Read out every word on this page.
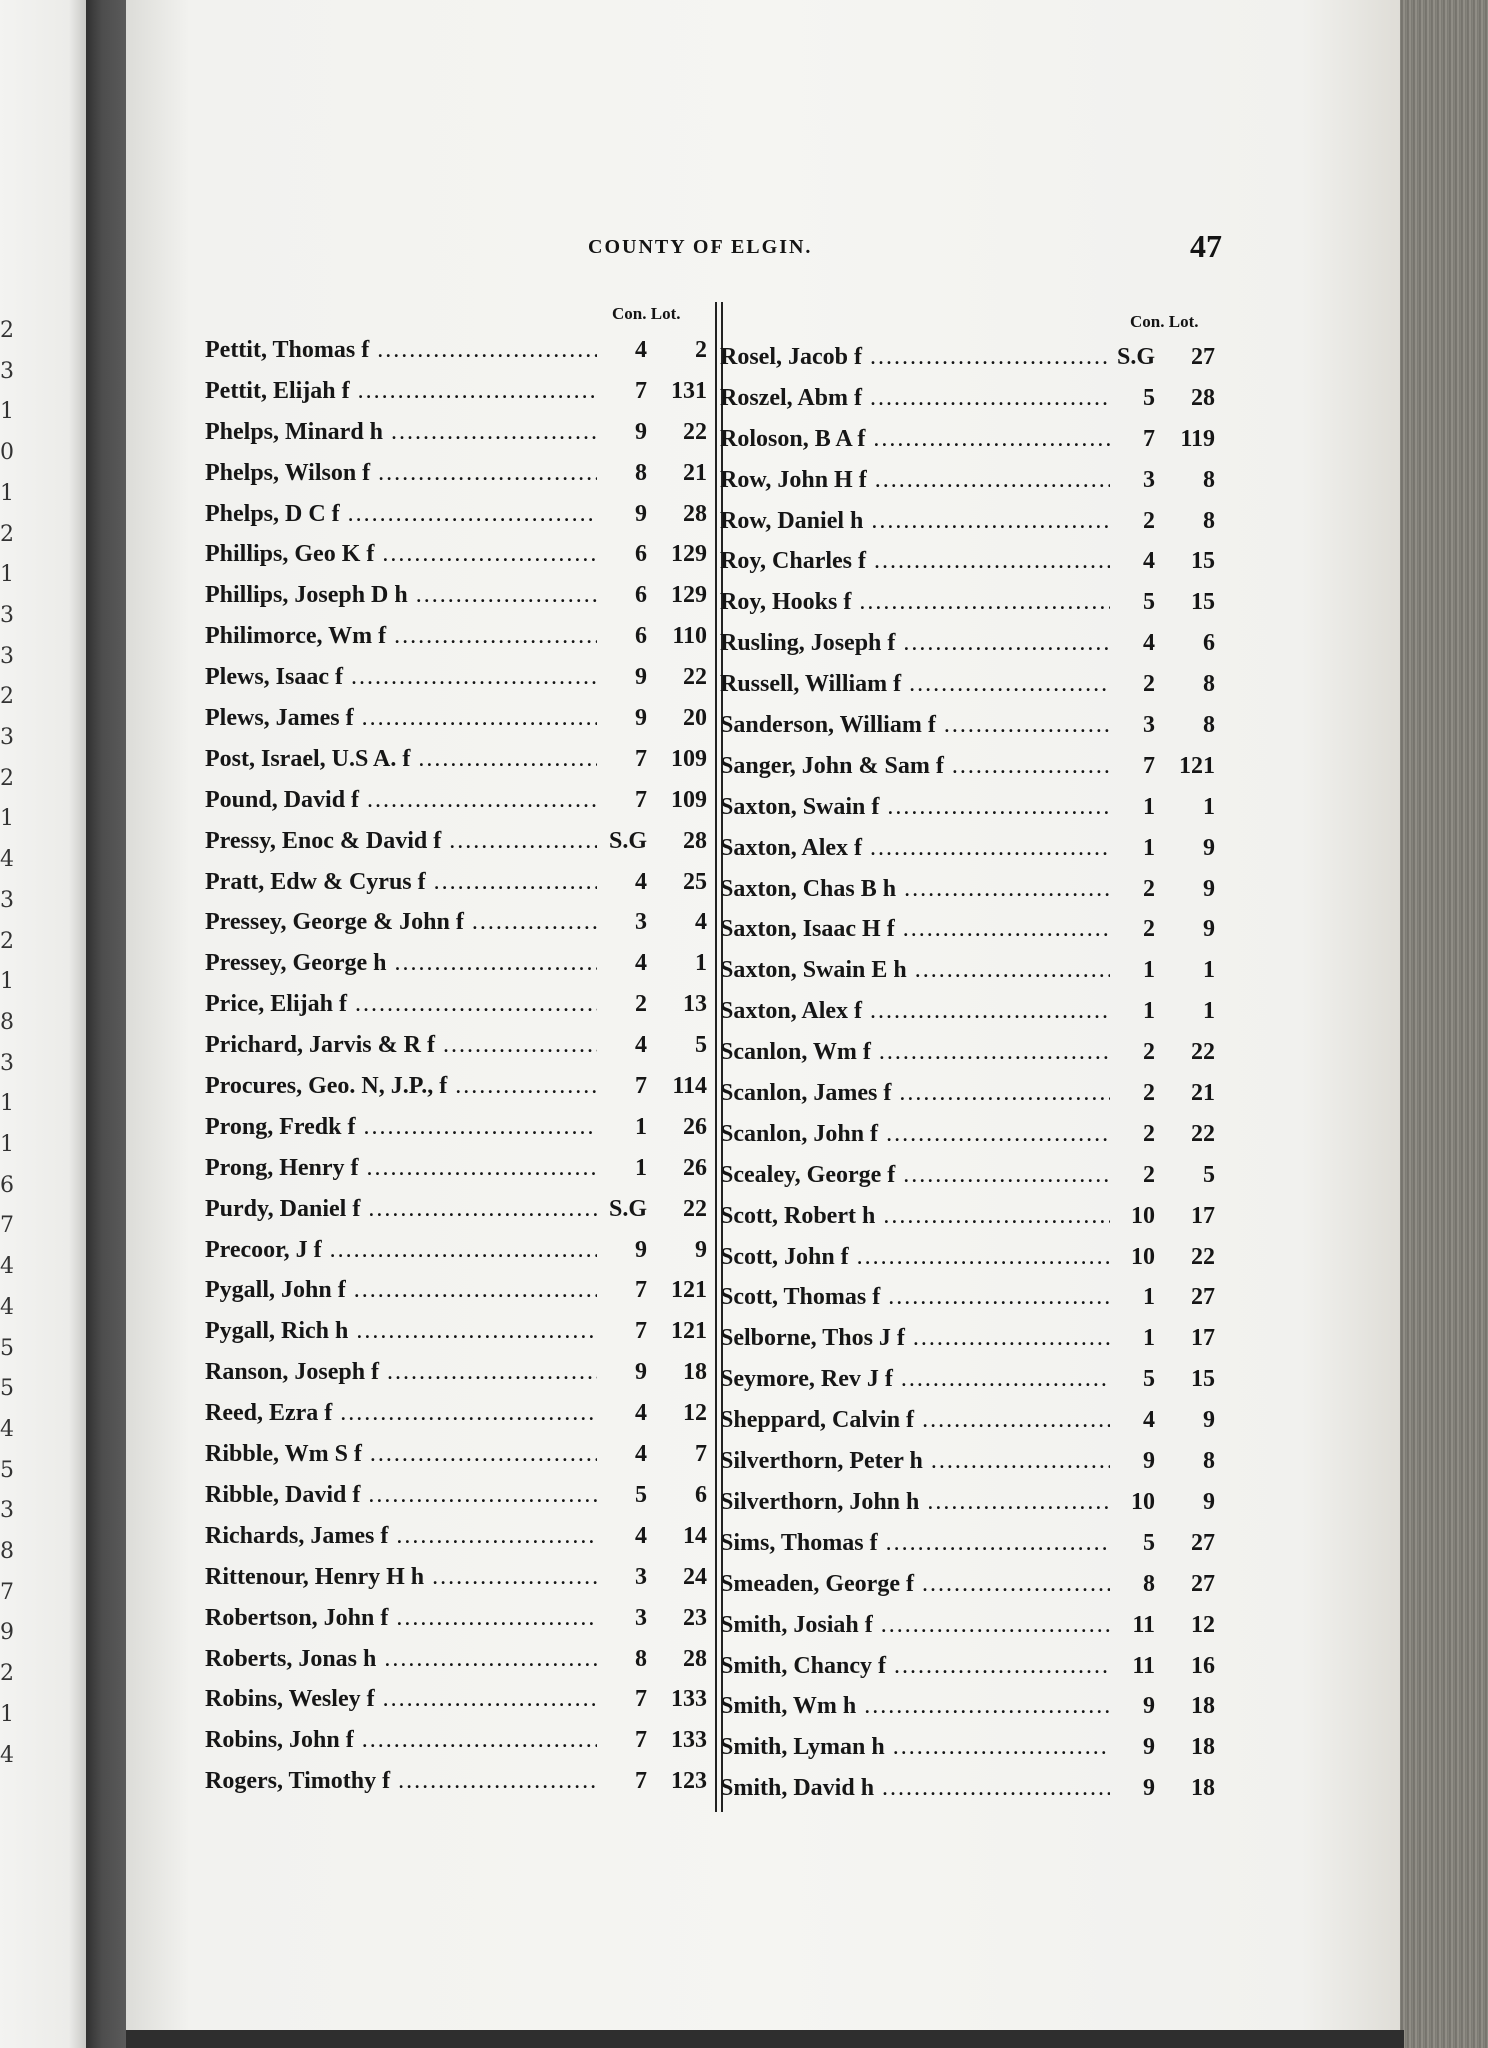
2
3
1
0
1
2
1
3
3
2
3
2
1
4
3
2
1
8
3
1
1
6
7
4
4
5
5
4
5
3
8
7
9
2
1
4
COUNTY OF ELGIN.	47
Con. Lot.	Con. Lot.
Pettit, Thomas f .....	4	2
Pettit, Elijah f .....	7	131
Phelps, Minard h .....	9	22
Phelps, Wilson f .....	8	21
Phelps, D C f .....	9	28
Phillips, Geo K f .....	6	129
Phillips, Joseph D h .....	6	129
Philimorce, Wm f .....	6	110
Plews, Isaac f .....	9	22
Plews, James f .....	9	20
Post, Israel, U.S A. f .....	7	109
Pound, David f .....	7	109
Pressy, Enoc & David f .....	S.G	28
Pratt, Edw & Cyrus f .....	4	25
Pressey, George & John f .....	3	4
Pressey, George h .....	4	1
Price, Elijah f .....	2	13
Prichard, Jarvis & R f .....	4	5
Procures, Geo. N, J.P., f .....	7	114
Prong, Fredk f .....	1	26
Prong, Henry f .....	1	26
Purdy, Daniel f .....	S.G	22
Precoor, J f .....	9	9
Pygall, John f .....	7	121
Pygall, Rich h .....	7	121
Ranson, Joseph f .....	9	18
Reed, Ezra f .....	4	12
Ribble, Wm S f .....	4	7
Ribble, David f .....	5	6
Richards, James f .....	4	14
Rittenour, Henry H h .....	3	24
Robertson, John f .....	3	23
Roberts, Jonas h .....	8	28
Robins, Wesley f .....	7	133
Robins, John f .....	7	133
Rogers, Timothy f .....	7	123
Rosel, Jacob f .....	S.G	27
Roszel, Abm f .....	5	28
Roloson, B A f .....	7	119
Row, John H f .....	3	8
Row, Daniel h .....	2	8
Roy, Charles f .....	4	15
Roy, Hooks f .....	5	15
Rusling, Joseph f .....	4	6
Russell, William f .....	2	8
Sanderson, William f .....	3	8
Sanger, John & Sam f .....	7	121
Saxton, Swain f .....	1	1
Saxton, Alex f .....	1	9
Saxton, Chas B h .....	2	9
Saxton, Isaac H f .....	2	9
Saxton, Swain E h .....	1	1
Saxton, Alex f .....	1	1
Scanlon, Wm f .....	2	22
Scanlon, James f .....	2	21
Scanlon, John f .....	2	22
Scealey, George f .....	2	5
Scott, Robert h .....	10	17
Scott, John f .....	10	22
Scott, Thomas f .....	1	27
Selborne, Thos J f .....	1	17
Seymore, Rev J f .....	5	15
Sheppard, Calvin f .....	4	9
Silverthorn, Peter h .....	9	8
Silverthorn, John h .....	10	9
Sims, Thomas f .....	5	27
Smeaden, George f .....	8	27
Smith, Josiah f .....	11	12
Smith, Chancy f .....	11	16
Smith, Wm h .....	9	18
Smith, Lyman h .....	9	18
Smith, David h .....	9	18
